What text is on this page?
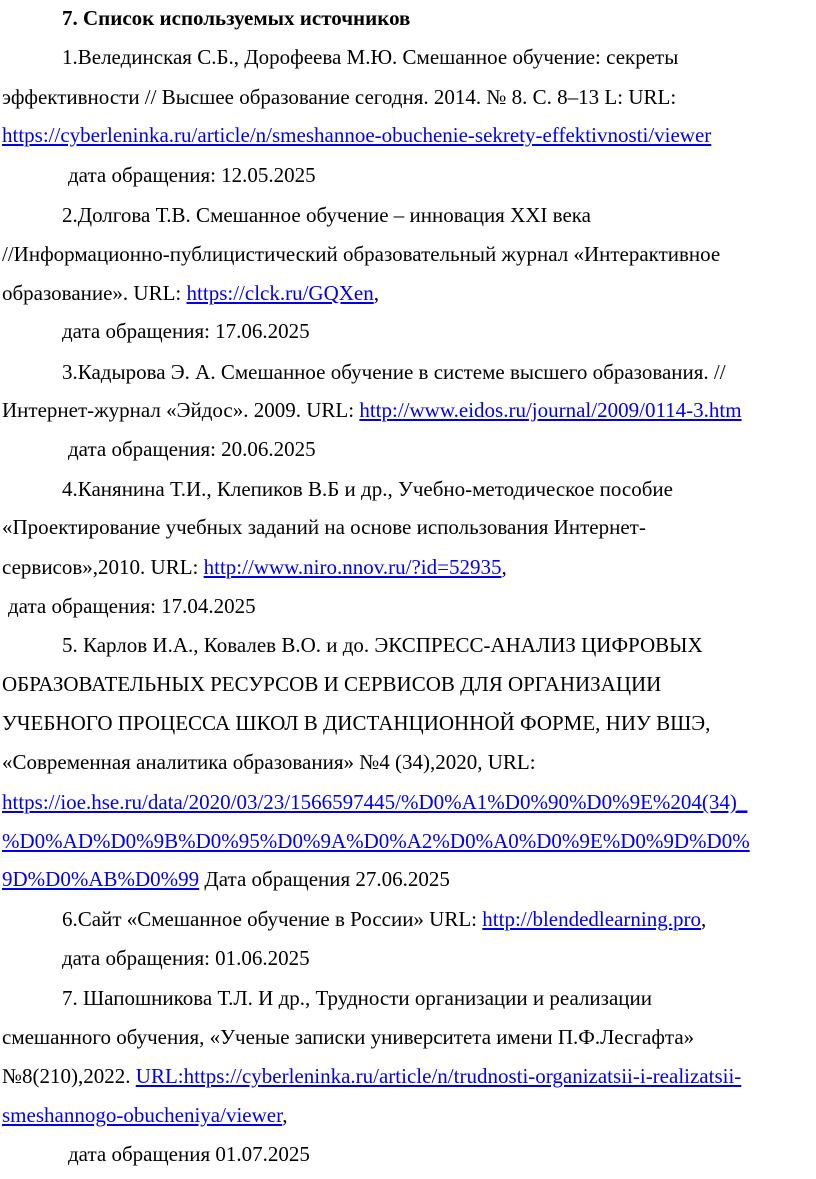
7. Список используемых источников
1.Велединская С.Б., Дорофеева М.Ю. Смешанное обучение: секреты
эффективности // Высшее образование сегодня. 2014. № 8. С. 8–13 L: URL:
https://cyberleninka.ru/article/n/smeshannoe-obuchenie-sekrety-effektivnosti/viewer
дата обращения: 12.05.2025
2.Долгова Т.В. Смешанное обучение – инновация XXI века
//Информационно-публицистический образовательный журнал «Интерактивное
образование». URL: https://clck.ru/GQXen,
дата обращения: 17.06.2025
3.Кадырова Э. А. Смешанное обучение в системе высшего образования. //
Интернет-журнал «Эйдос». 2009. URL: http://www.eidos.ru/journal/2009/0114-3.htm
дата обращения: 20.06.2025
4.Канянина Т.И., Клепиков В.Б и др., Учебно-методическое пособие
«Проектирование учебных заданий на основе использования Интернет-
сервисов»,2010. URL: http://www.niro.nnov.ru/?id=52935,
дата обращения: 17.04.2025
5. Карлов И.А., Ковалев В.О. и до. ЭКСПРЕСС-АНАЛИЗ ЦИФРОВЫХ
ОБРАЗОВАТЕЛЬНЫХ РЕСУРСОВ И СЕРВИСОВ ДЛЯ ОРГАНИЗАЦИИ
УЧЕБНОГО ПРОЦЕССА ШКОЛ В ДИСТАНЦИОННОЙ ФОРМЕ, НИУ ВШЭ,
«Современная аналитика образования» №4 (34),2020, URL:
https://ioe.hse.ru/data/2020/03/23/1566597445/%D0%A1%D0%90%D0%9E%204(34)_
%D0%AD%D0%9B%D0%95%D0%9A%D0%A2%D0%A0%D0%9E%D0%9D%D0%
9D%D0%AB%D0%99 Дата обращения 27.06.2025
6.Сайт «Смешанное обучение в России» URL: http://blendedlearning.pro,
дата обращения: 01.06.2025
7. Шапошникова Т.Л. И др., Трудности организации и реализации
смешанного обучения, «Ученые записки университета имени П.Ф.Лесгафта»
№8(210),2022. URL:https://cyberleninka.ru/article/n/trudnosti-organizatsii-i-realizatsii-
smeshannogo-obucheniya/viewer,
дата обращения 01.07.2025
